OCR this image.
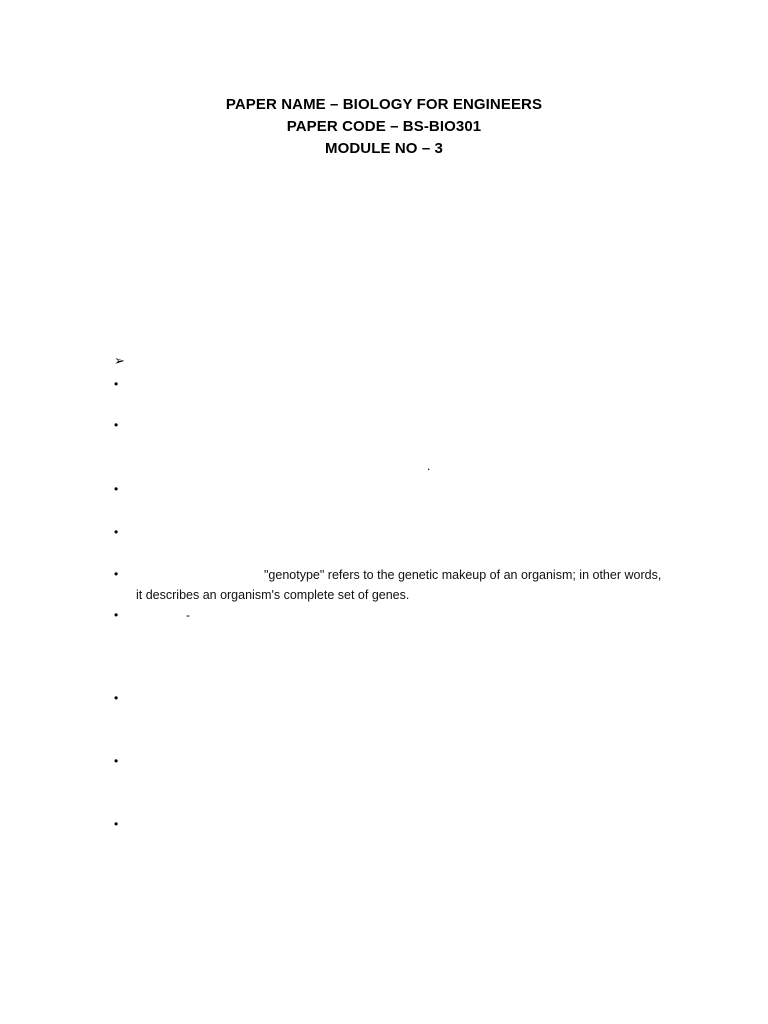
PAPER NAME – BIOLOGY FOR ENGINEERS
PAPER CODE – BS-BIO301
MODULE NO – 3
➢
•
•
.
•
•
•	"genotype" refers to the genetic makeup of an organism; in other words,
it describes an organism's complete set of genes.
•	-
•
•
•
